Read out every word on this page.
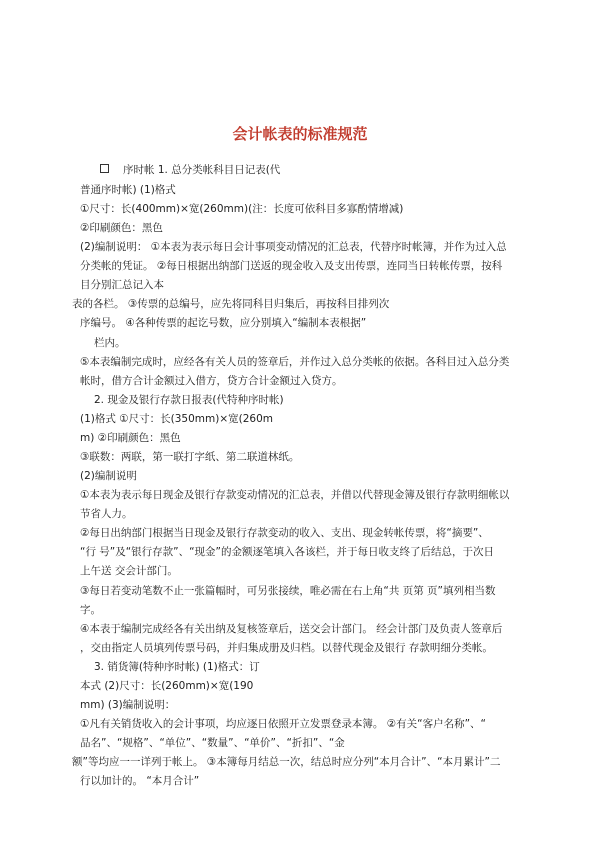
会计帐表的标准规范
序时帐 1. 总分类帐科目日记表(代
普通序时帐) (1)格式
①尺寸：长(400mm)×宽(260mm)(注：长度可依科目多寡酌情增减)
②印刷颜色：黑色
(2)编制说明： ①本表为表示每日会计事项变动情况的汇总表，代替序时帐簿，并作为过入总
分类帐的凭证。 ②每日根据出纳部门送返的现金收入及支出传票，连同当日转帐传票，按科
目分别汇总记入本
表的各栏。 ③传票的总编号，应先将同科目归集后，再按科目排列次
序编号。 ④各种传票的起讫号数，应分别填入“编制本表根据”
栏内。
⑤本表编制完成时，应经各有关人员的签章后，并作过入总分类帐的依据。各科目过入总分类
帐时，借方合计金额过入借方，贷方合计金额过入贷方。
2. 现金及银行存款日报表(代特种序时帐)
(1)格式 ①尺寸：长(350mm)×宽(260m
m) ②印刷颜色：黑色
③联数：两联，第一联打字纸、第二联道林纸。
(2)编制说明
①本表为表示每日现金及银行存款变动情况的汇总表，并借以代替现金簿及银行存款明细帐以
节省人力。
②每日出纳部门根据当日现金及银行存款变动的收入、支出、现金转帐传票，将“摘要”、
“行 号”及“银行存款”、“现金”的金额逐笔填入各该栏，并于每日收支终了后结总，于次日
上午送 交会计部门。
③每日若变动笔数不止一张篇幅时，可另张接续，唯必需在右上角“共 页第 页”填列相当数
字。
④本表于编制完成经各有关出纳及复核签章后，送交会计部门。 经会计部门及负责人签章后
，交由指定人员填列传票号码，并归集成册及归档。以替代现金及银行 存款明细分类帐。
3. 销货簿(特种序时帐) (1)格式：订
本式 (2)尺寸：长(260mm)×宽(190
mm) (3)编制说明：
①凡有关销货收入的会计事项，均应逐日依照开立发票登录本簿。 ②有关“客户名称”、“
品名”、“规格”、“单位”、“数量”、“单价”、“折扣”、“金
额”等均应一一详列于帐上。 ③本簿每月结总一次，结总时应分列“本月合计”、“本月累计”二
行以加计的。 “本月合计”
